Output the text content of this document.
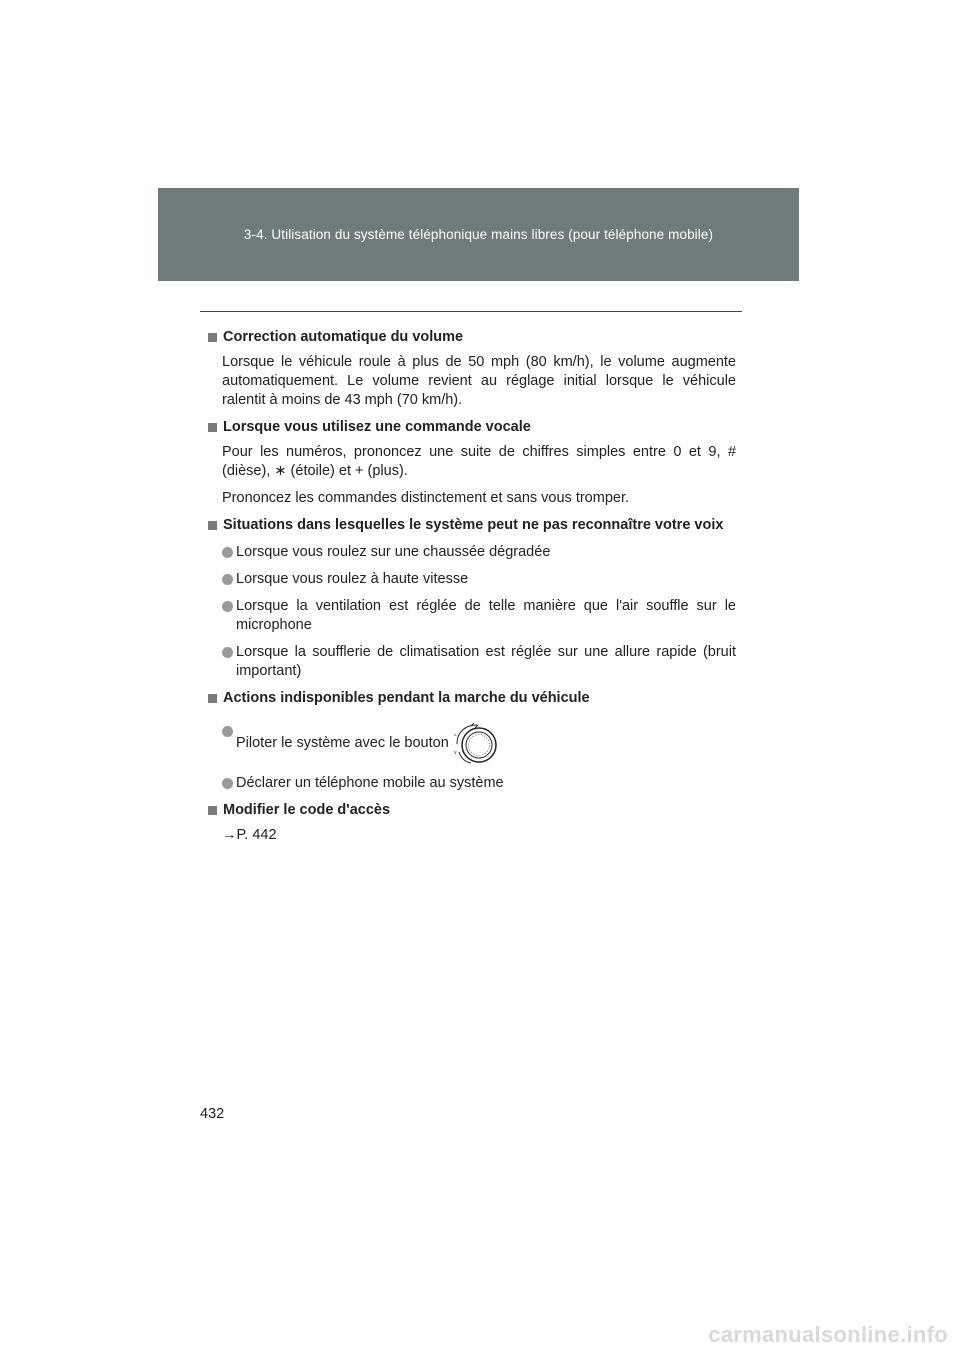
3-4. Utilisation du système téléphonique mains libres (pour téléphone mobile)
Correction automatique du volume
Lorsque le véhicule roule à plus de 50 mph (80 km/h), le volume augmente automatiquement. Le volume revient au réglage initial lorsque le véhicule ralentit à moins de 43 mph (70 km/h).
Lorsque vous utilisez une commande vocale
Pour les numéros, prononcez une suite de chiffres simples entre 0 et 9, # (dièse), ∗ (étoile) et + (plus).
Prononcez les commandes distinctement et sans vous tromper.
Situations dans lesquelles le système peut ne pas reconnaître votre voix
Lorsque vous roulez sur une chaussée dégradée
Lorsque vous roulez à haute vitesse
Lorsque la ventilation est réglée de telle manière que l'air souffle sur le microphone
Lorsque la soufflerie de climatisation est réglée sur une allure rapide (bruit important)
Actions indisponibles pendant la marche du véhicule
Piloter le système avec le bouton ^
v
Déclarer un téléphone mobile au système
Modifier le code d'accès
→P. 442
432
carmanualsonline.info
